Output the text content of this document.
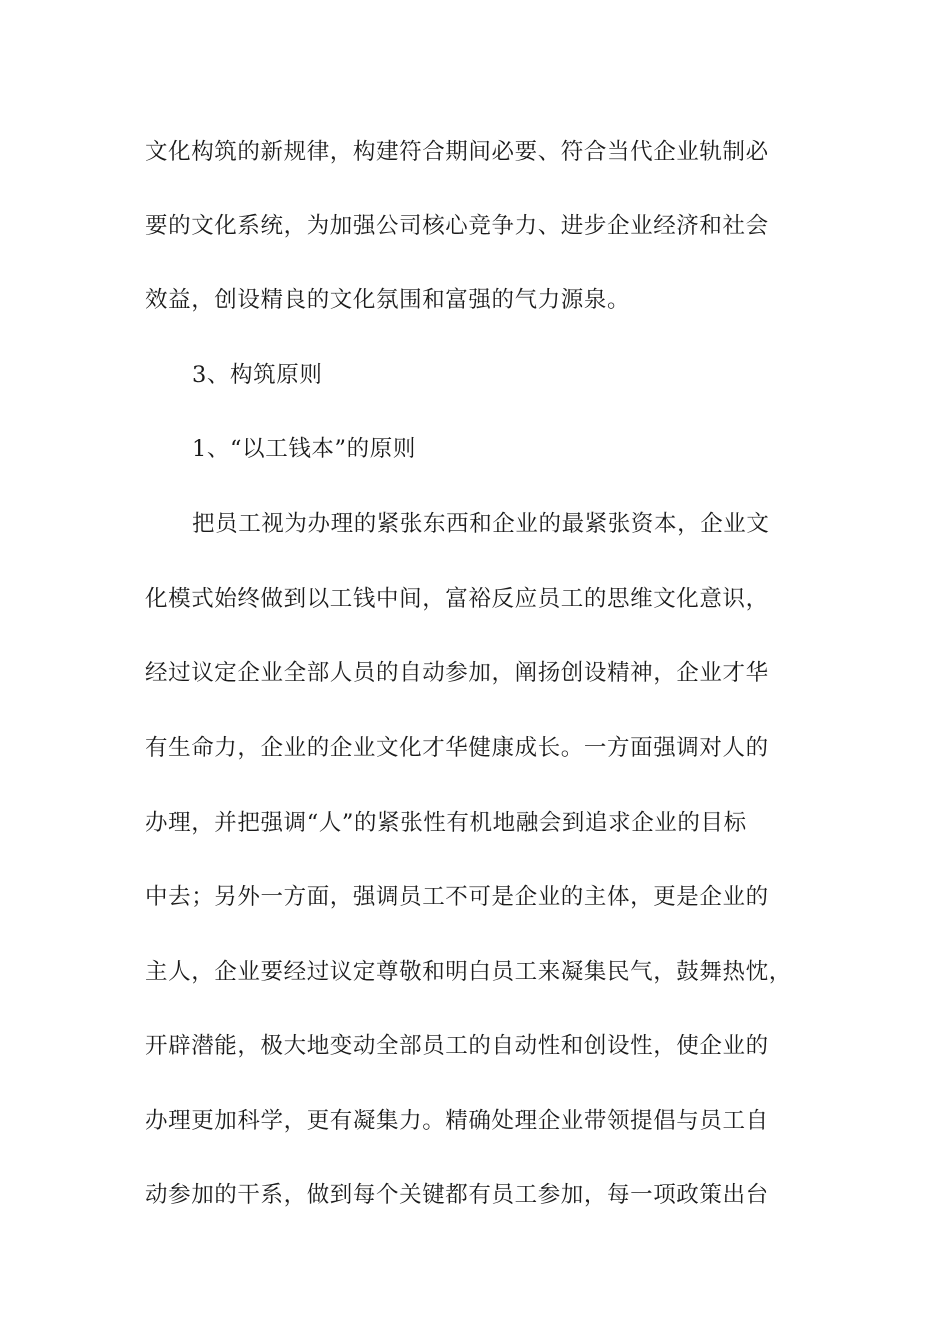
文化构筑的新规律，构建符合期间必要、符合当代企业轨制必

要的文化系统，为加强公司核心竞争力、进步企业经济和社会

效益，创设精良的文化氛围和富强的气力源泉。

3、构筑原则

1、“以工钱本”的原则

把员工视为办理的紧张东西和企业的最紧张资本，企业文

化模式始终做到以工钱中间，富裕反应员工的思维文化意识，

经过议定企业全部人员的自动参加，阐扬创设精神，企业才华

有生命力，企业的企业文化才华健康成长。一方面强调对人的

办理，并把强调“人”的紧张性有机地融会到追求企业的目标

中去；另外一方面，强调员工不可是企业的主体，更是企业的

主人，企业要经过议定尊敬和明白员工来凝集民气，鼓舞热忱，

开辟潜能，极大地变动全部员工的自动性和创设性，使企业的

办理更加科学，更有凝集力。精确处理企业带领提倡与员工自

动参加的干系，做到每个关键都有员工参加，每一项政策出台
